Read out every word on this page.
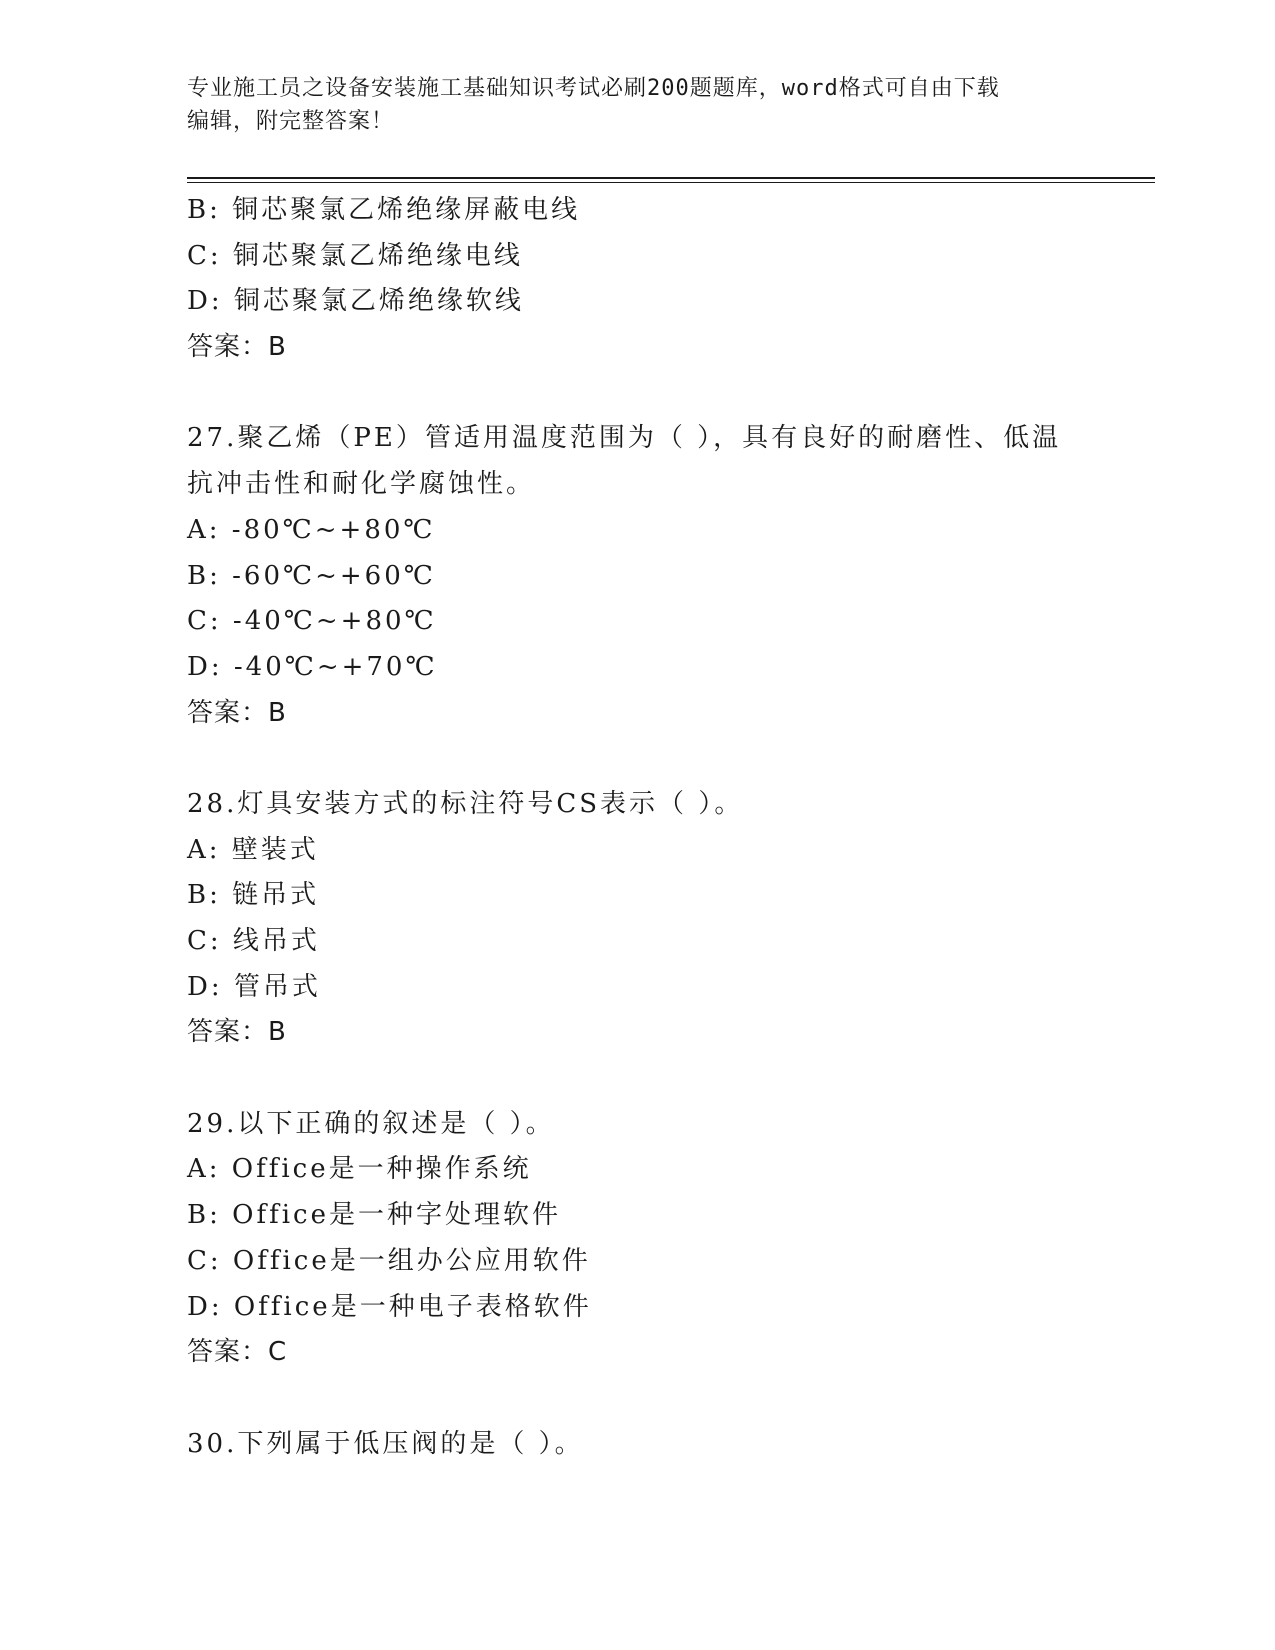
专业施工员之设备安装施工基础知识考试必刷200题题库，word格式可自由下载
编辑，附完整答案！
B: 铜芯聚氯乙烯绝缘屏蔽电线
C: 铜芯聚氯乙烯绝缘电线
D: 铜芯聚氯乙烯绝缘软线
答案：B
27.聚乙烯（PE）管适用温度范围为（ ），具有良好的耐磨性、低温
抗冲击性和耐化学腐蚀性。
A: -80℃~+80℃
B: -60℃~+60℃
C: -40℃~+80℃
D: -40℃~+70℃
答案：B
28.灯具安装方式的标注符号CS表示（ ）。
A: 壁装式
B: 链吊式
C: 线吊式
D: 管吊式
答案：B
29.以下正确的叙述是（ ）。
A: Office是一种操作系统
B: Office是一种字处理软件
C: Office是一组办公应用软件
D: Office是一种电子表格软件
答案：C
30.下列属于低压阀的是（ ）。
